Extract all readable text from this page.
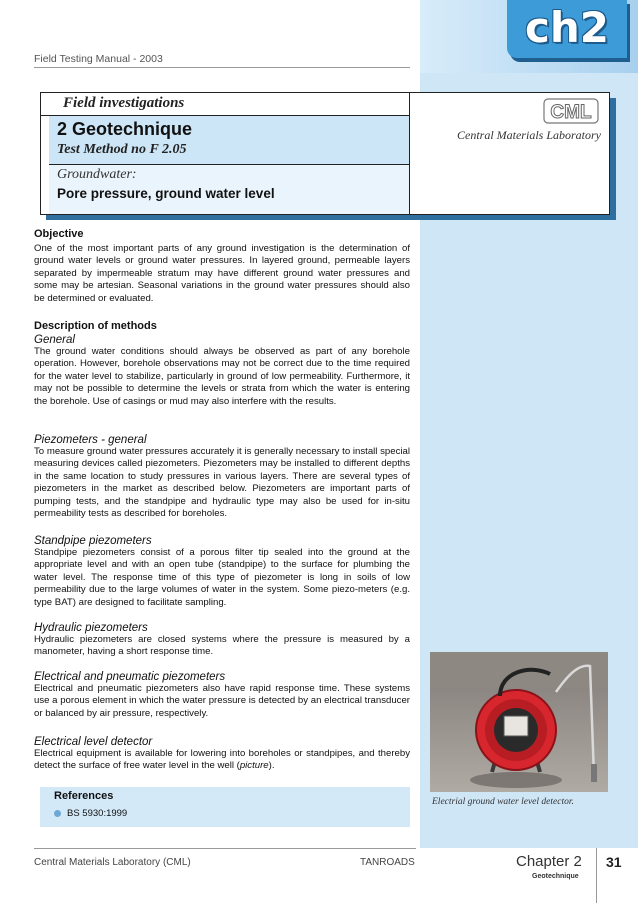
ch2
Field Testing Manual - 2003
Field investigations
2 Geotechnique
Test Method no F 2.05
Groundwater:
Pore pressure, ground water level
CML
Central Materials Laboratory
Objective
One of the most important parts of any ground investigation is the determination of ground water levels or ground water pressures. In layered ground, permeable layers separated by impermeable stratum may have different ground water pressures and some may be artesian. Seasonal variations in the ground water pressures should also be determined or evaluated.
Description of methods
General
The ground water conditions should always be observed as part of any borehole operation. However, borehole observations may not be correct due to the time required for the water level to stabilize, particularly in ground of low permeability. Furthermore, it may not be possible to determine the levels or strata from which the water is entering the borehole. Use of casings or mud may also interfere with the results.
Piezometers - general
To measure ground water pressures accurately it is generally necessary to install special measuring devices called piezometers. Piezometers may be installed to different depths in the same location to study pressures in various layers. There are several types of piezometers in the market as described below. Piezometers are important parts of pumping tests, and the standpipe and hydraulic type may also be used for in-situ permeability tests as described for boreholes.
Standpipe piezometers
Standpipe piezometers consist of a porous filter tip sealed into the ground at the appropriate level and with an open tube (standpipe) to the surface for plumbing the water level. The response time of this type of piezometer is long in soils of low permeability due to the large volumes of water in the system. Some piezo-meters (e.g. type BAT) are designed to facilitate sampling.
Hydraulic piezometers
Hydraulic piezometers are closed systems where the pressure is measured by a manometer, having a short response time.
Electrical and pneumatic piezometers
Electrical and pneumatic piezometers also have rapid response time. These systems use a porous element in which the water pressure is detected by an electrical transducer or balanced by air pressure, respectively.
Electrical level detector
Electrical equipment is available for lowering into boreholes or standpipes, and thereby detect the surface of free water level in the well (picture).
References
BS 5930:1999
Electrial ground water level detector.
Central Materials Laboratory (CML)	TANROADS	Chapter 2
Geotechnique
31
